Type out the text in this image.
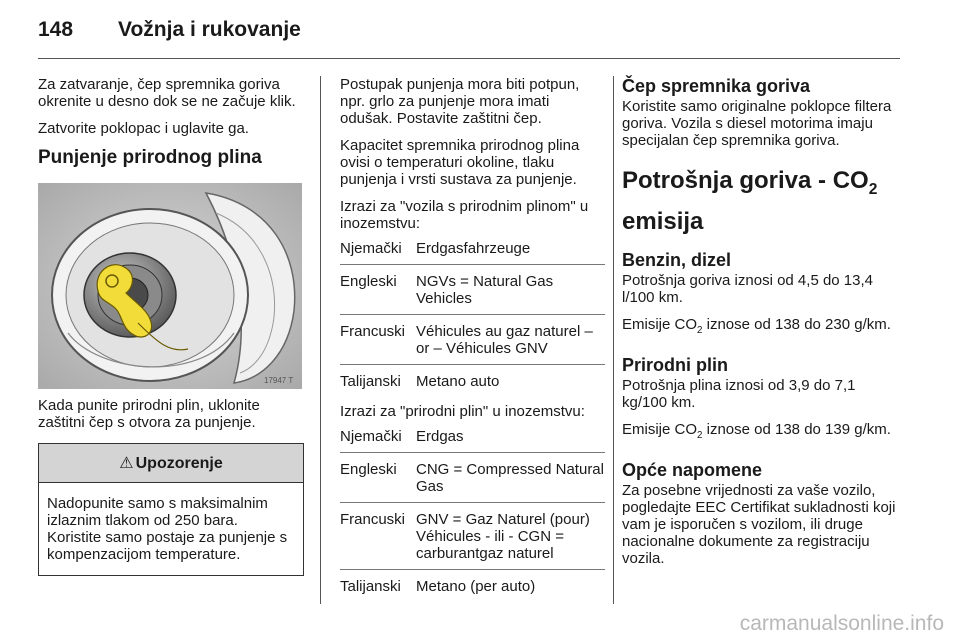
148	Vožnja i rukovanje

Za zatvaranje, čep spremnika goriva okrenite u desno dok se ne začuje klik.

Zatvorite poklopac i uglavite ga.

Punjenje prirodnog plina
17947 T

Kada punite prirodni plin, uklonite zaštitni čep s otvora za punjenje.

⚠ Upozorenje
Nadopunite samo s maksimalnim izlaznim tlakom od 250 bara. Koristite samo postaje za punjenje s kompenzacijom temperature.

Postupak punjenja mora biti potpun, npr. grlo za punjenje mora imati odušak. Postavite zaštitni čep.

Kapacitet spremnika prirodnog plina ovisi o temperaturi okoline, tlaku punjenja i vrsti sustava za punjenje.

Izrazi za "vozila s prirodnim plinom" u inozemstvu:

Njemački Erdgasfahrzeuge
Engleski	NGVs = Natural Gas Vehicles
Francuski Véhicules au gaz naturel – or – Véhicules GNV
Talijanski	Metano auto

Izrazi za "prirodni plin" u inozemstvu:

Njemački Erdgas
Engleski	CNG = Compressed Natural Gas
Francuski GNV = Gaz Naturel (pour) Véhicules - ili - CGN = carburantgaz naturel
Talijanski	Metano (per auto)
Čep spremnika goriva

Koristite samo originalne poklopce filtera goriva. Vozila s diesel motorima imaju specijalan čep spremnika goriva.

Potrošnja goriva - $CO_2$
emisija
Benzin, dizel

Potrošnja goriva iznosi od 4,5 do 13,4 l/100 km.

Emisije $CO_2$ iznose od 138 do 230 g/km.

Prirodni plin

Potrošnja plina iznosi od 3,9 do 7,1 kg/100 km.

Emisije $CO_2$ iznose od 138 do 139 g/km.

Opće napomene

Za posebne vrijednosti za vaše vozilo, pogledajte EEC Certifikat sukladnosti koji vam je isporučen s vozilom, ili druge nacionalne dokumente za registraciju vozila.

carmanualsonline.info
